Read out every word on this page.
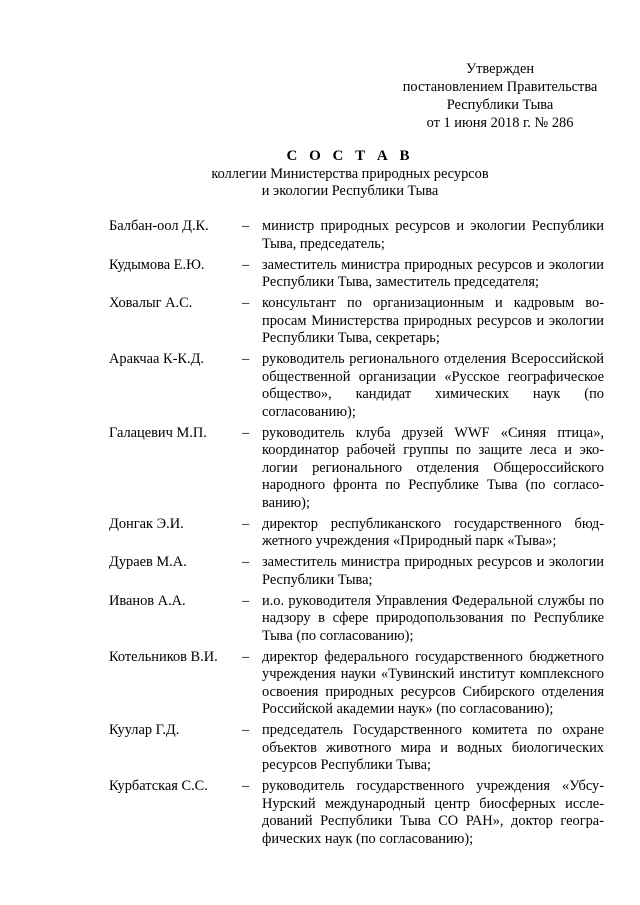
Утвержден
постановлением Правительства
Республики Тыва
от 1 июня 2018 г. № 286
С О С Т А В
коллегии Министерства природных ресурсов
и экологии Республики Тыва
Балбан-оол Д.К.	– министр природных ресурсов и экологии Республики Тыва, председатель;
Кудымова Е.Ю.	– заместитель министра природных ресурсов и экологии Республики Тыва, заместитель председателя;
Ховалыг А.С.	– консультант по организационным и кадровым вопросам Министерства природных ресурсов и экологии Республики Тыва, секретарь;
Аракчаа К-К.Д.	– руководитель регионального отделения Всероссийской общественной организации «Русское географическое общество», кандидат химических наук (по согласованию);
Галацевич М.П.	– руководитель клуба друзей WWF «Синяя птица», координатор рабочей группы по защите леса и экологии регионального отделения Общероссийского народного фронта по Республике Тыва (по согласованию);
Донгак Э.И.	– директор республиканского государственного бюджетного учреждения «Природный парк «Тыва»;
Дураев М.А.	– заместитель министра природных ресурсов и экологии Республики Тыва;
Иванов А.А.	– и.о. руководителя Управления Федеральной службы по надзору в сфере природопользования по Республике Тыва (по согласованию);
Котельников В.И.	– директор федерального государственного бюджетного учреждения науки «Тувинский институт комплексного освоения природных ресурсов Сибирского отделения Российской академии наук» (по согласованию);
Куулар Г.Д.	– председатель Государственного комитета по охране объектов животного мира и водных биологических ресурсов Республики Тыва;
Курбатская С.С.	– руководитель государственного учреждения «Убсу-Нурский международный центр биосферных исследований Республики Тыва СО РАН», доктор географических наук (по согласованию);
